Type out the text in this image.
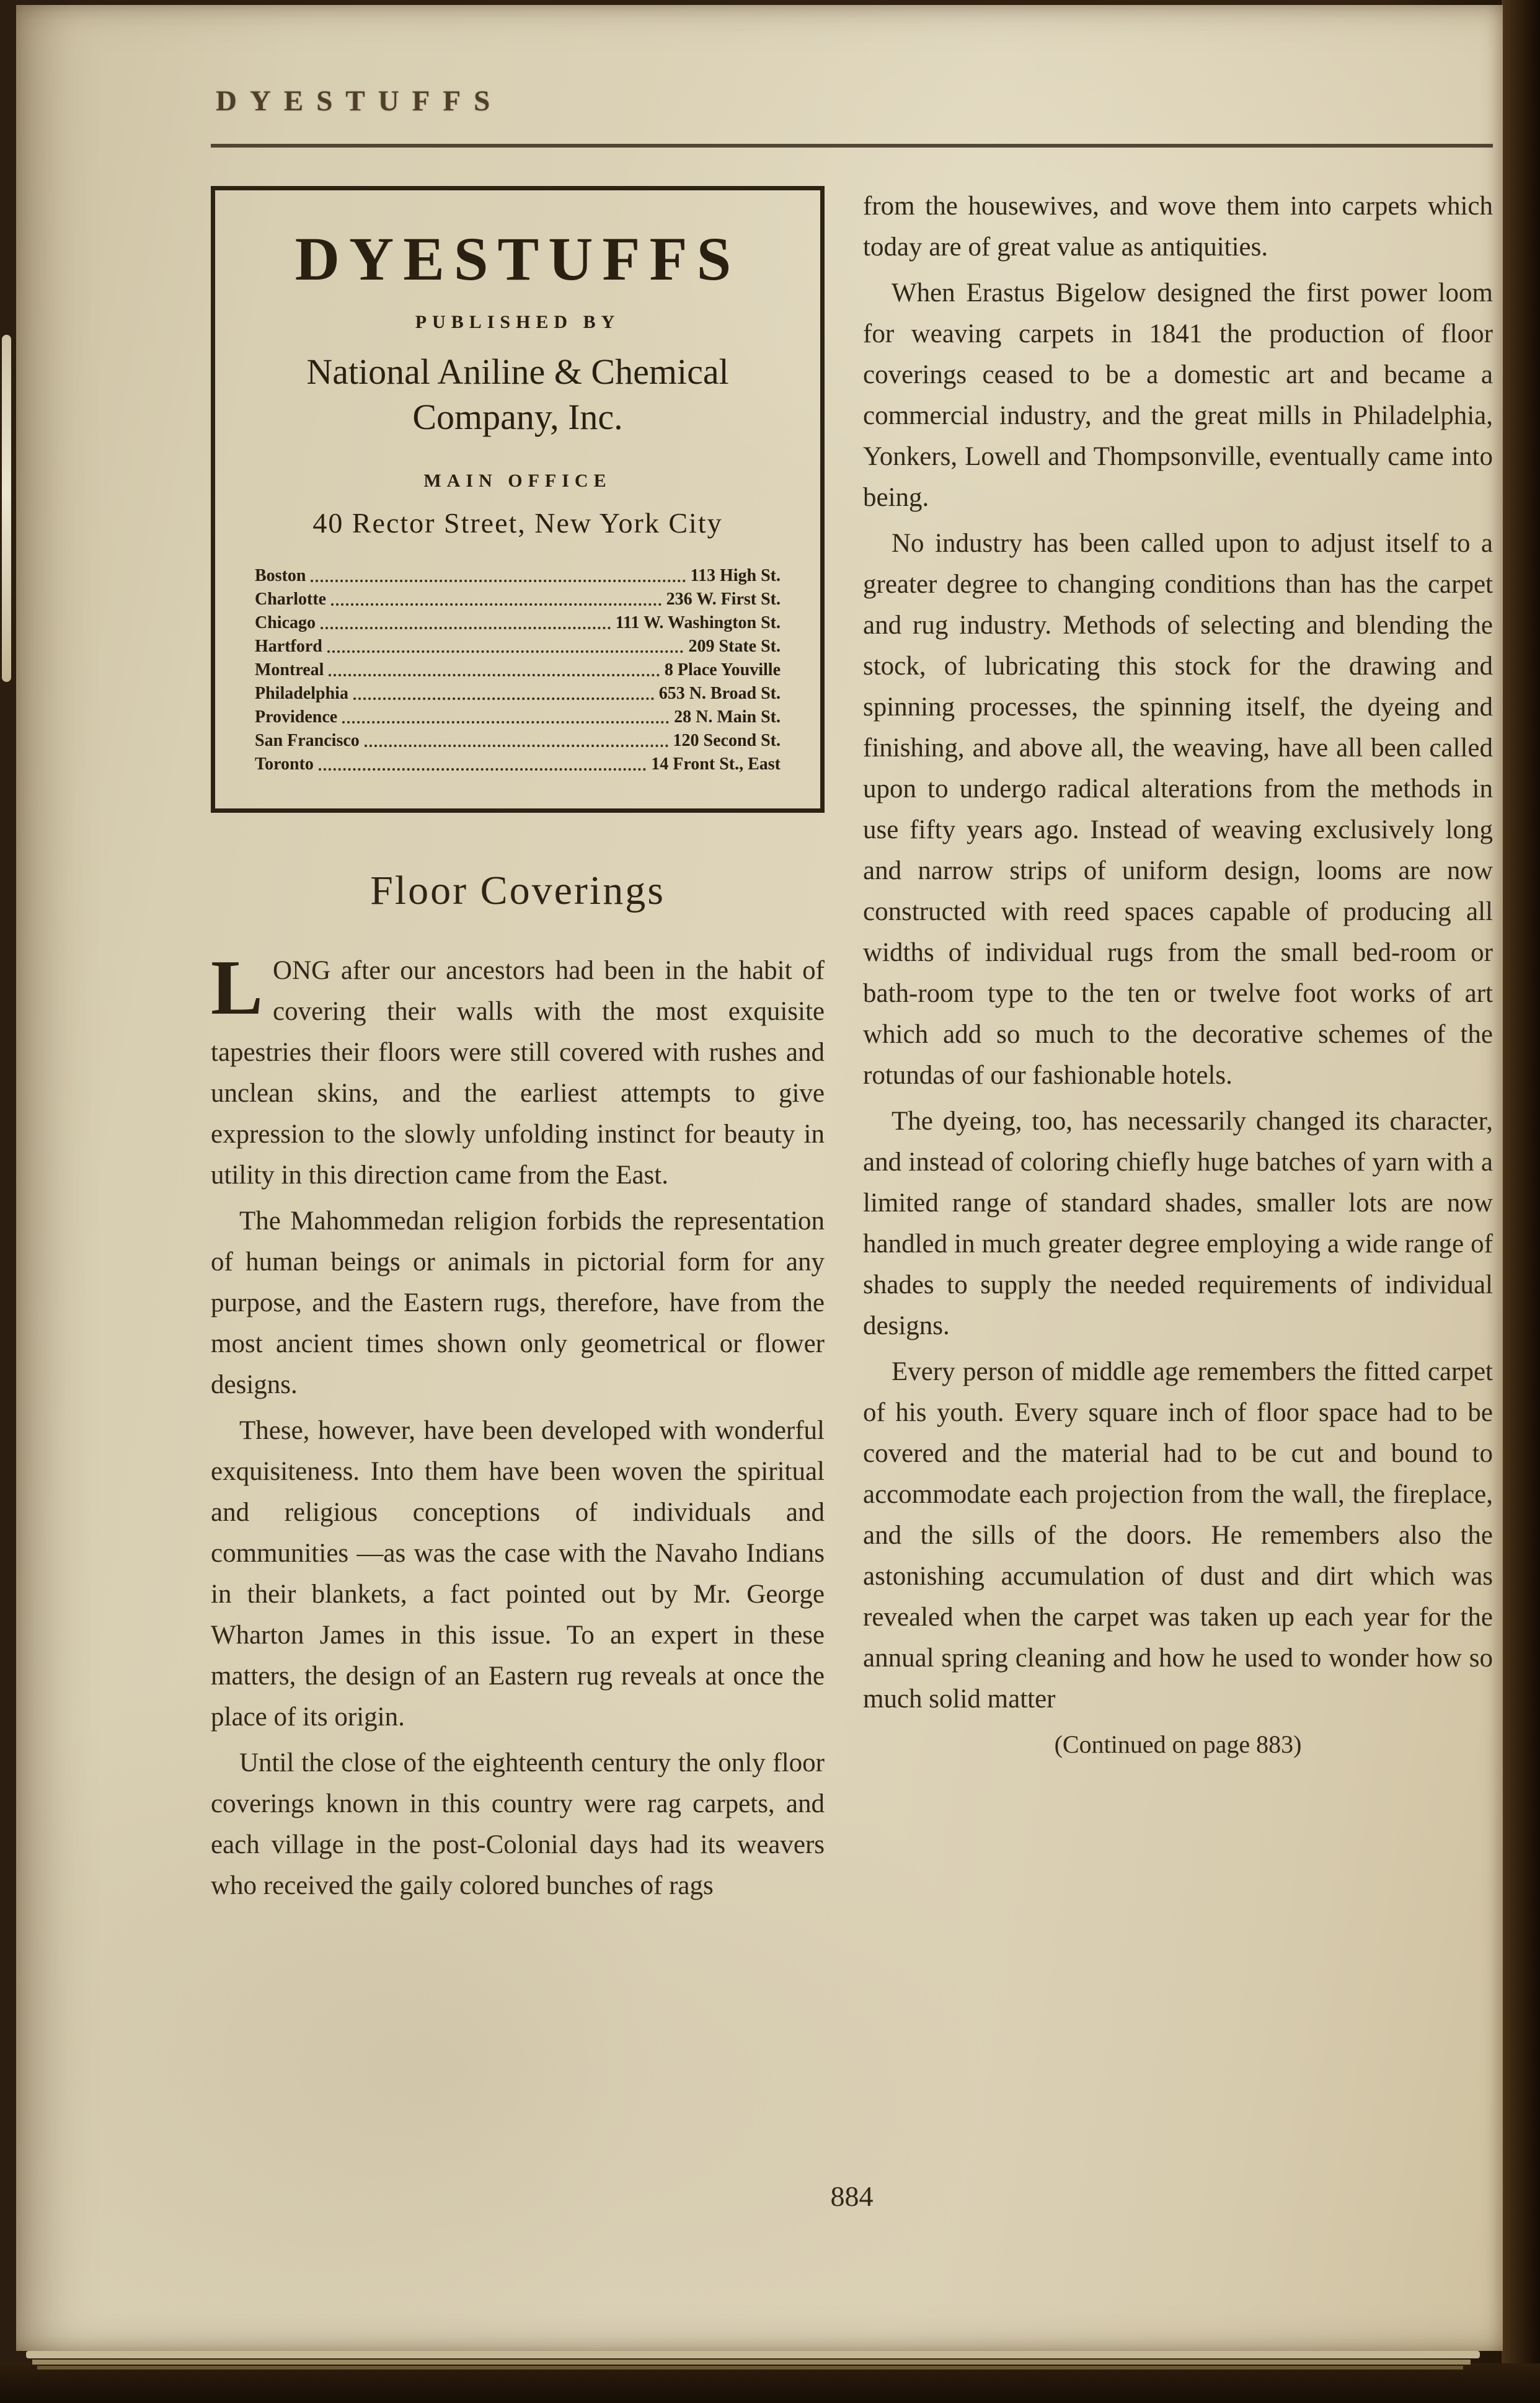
DYESTUFFS
DYESTUFFS
PUBLISHED BY
National Aniline & Chemical
Company, Inc.
MAIN OFFICE
40 Rector Street, New York City
Boston	113 High St.
Charlotte	236 W. First St.
Chicago	111 W. Washington St.
Hartford	209 State St.
Montreal	8 Place Youville
Philadelphia	653 N. Broad St.
Providence	28 N. Main St.
San Francisco	120 Second St.
Toronto	14 Front St., East
Floor Coverings

LONG after our ancestors had been in the habit of covering their walls with the most exquisite tapestries their floors were still covered with rushes and unclean skins, and the earliest attempts to give expression to the slowly unfolding instinct for beauty in utility in this direction came from the East.

The Mahommedan religion forbids the representation of human beings or animals in pictorial form for any purpose, and the Eastern rugs, therefore, have from the most ancient times shown only geometrical or flower designs.

These, however, have been developed with wonderful exquisiteness. Into them have been woven the spiritual and religious conceptions of individuals and communities —as was the case with the Navaho Indians in their blankets, a fact pointed out by Mr. George Wharton James in this issue. To an expert in these matters, the design of an Eastern rug reveals at once the place of its origin.

Until the close of the eighteenth century the only floor coverings known in this country were rag carpets, and each village in the post-Colonial days had its weavers who received the gaily colored bunches of rags

from the housewives, and wove them into carpets which today are of great value as antiquities.

When Erastus Bigelow designed the first power loom for weaving carpets in 1841 the production of floor coverings ceased to be a domestic art and became a commercial industry, and the great mills in Philadelphia, Yonkers, Lowell and Thompsonville, eventually came into being.

No industry has been called upon to adjust itself to a greater degree to changing conditions than has the carpet and rug industry. Methods of selecting and blending the stock, of lubricating this stock for the drawing and spinning processes, the spinning itself, the dyeing and finishing, and above all, the weaving, have all been called upon to undergo radical alterations from the methods in use fifty years ago. Instead of weaving exclusively long and narrow strips of uniform design, looms are now constructed with reed spaces capable of producing all widths of individual rugs from the small bed-room or bath-room type to the ten or twelve foot works of art which add so much to the decorative schemes of the rotundas of our fashionable hotels.

The dyeing, too, has necessarily changed its character, and instead of coloring chiefly huge batches of yarn with a limited range of standard shades, smaller lots are now handled in much greater degree employing a wide range of shades to supply the needed requirements of individual designs.

Every person of middle age remembers the fitted carpet of his youth. Every square inch of floor space had to be covered and the material had to be cut and bound to accommodate each projection from the wall, the fireplace, and the sills of the doors. He remembers also the astonishing accumulation of dust and dirt which was revealed when the carpet was taken up each year for the annual spring cleaning and how he used to wonder how so much solid matter

(Continued on page 883)
884
